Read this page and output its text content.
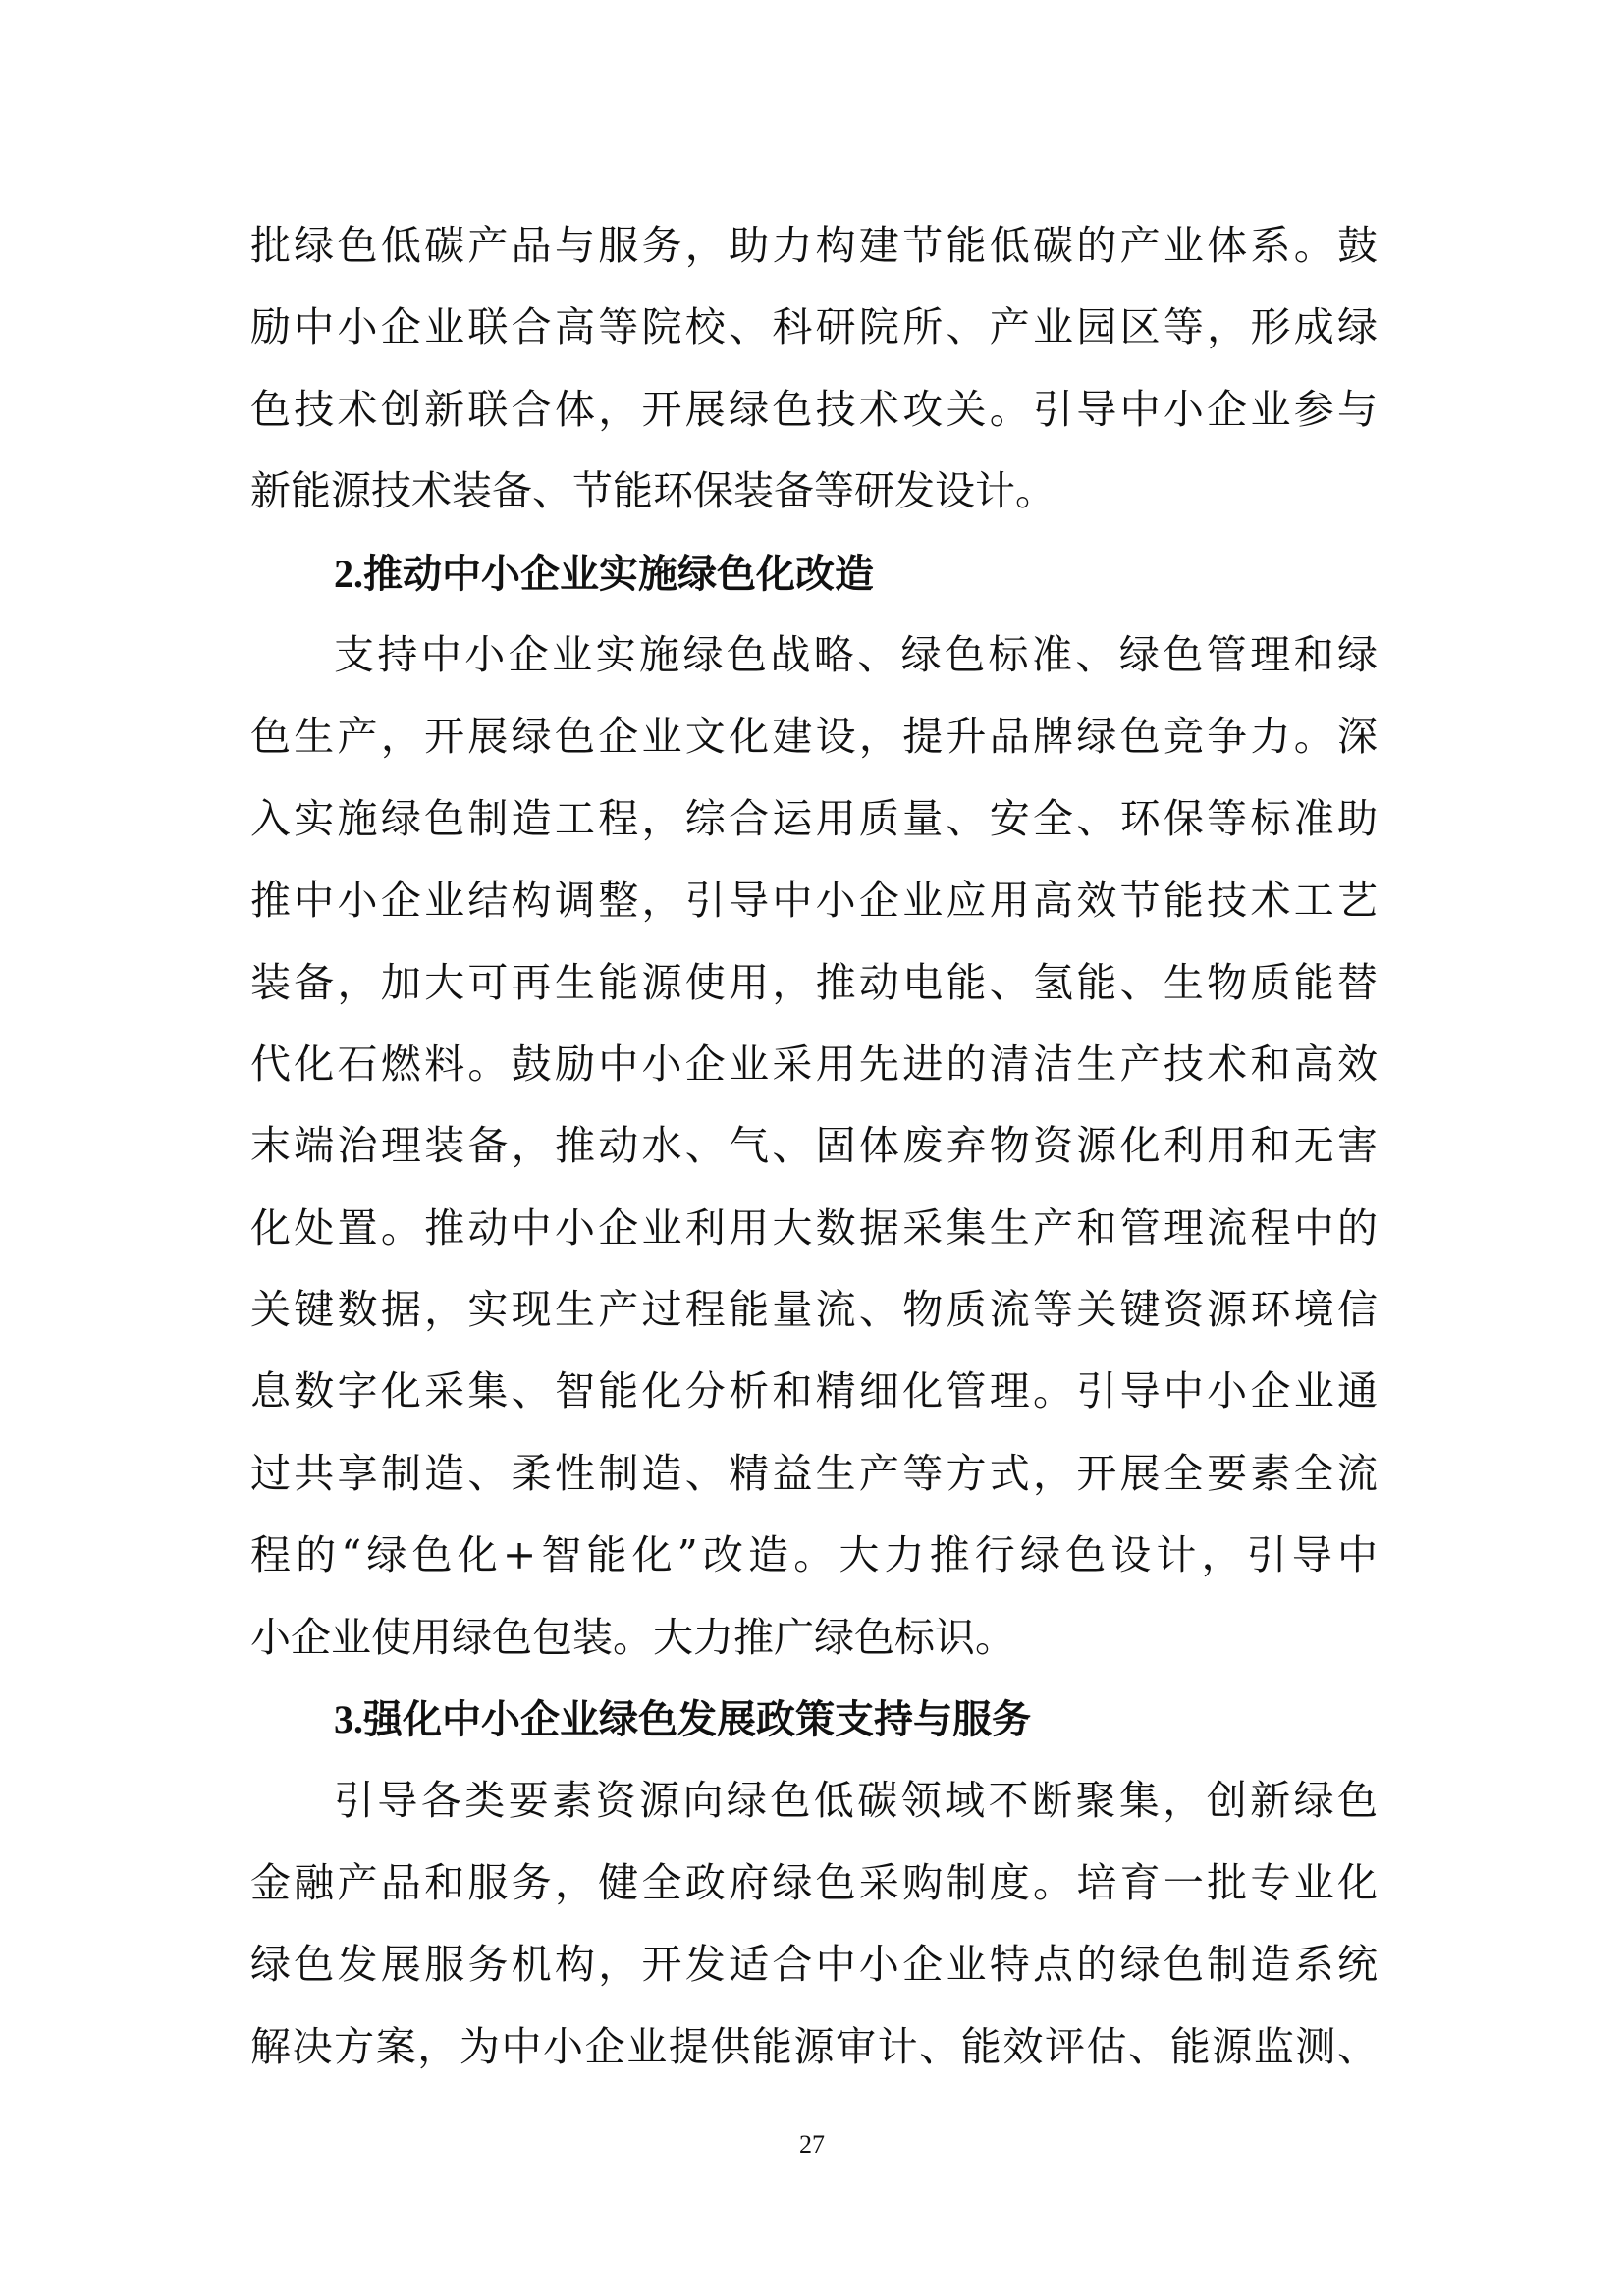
批绿色低碳产品与服务，助力构建节能低碳的产业体系。鼓
励中小企业联合高等院校、科研院所、产业园区等，形成绿
色技术创新联合体，开展绿色技术攻关。引导中小企业参与
新能源技术装备、节能环保装备等研发设计。
2.推动中小企业实施绿色化改造
支持中小企业实施绿色战略、绿色标准、绿色管理和绿
色生产，开展绿色企业文化建设，提升品牌绿色竞争力。深
入实施绿色制造工程，综合运用质量、安全、环保等标准助
推中小企业结构调整，引导中小企业应用高效节能技术工艺
装备，加大可再生能源使用，推动电能、氢能、生物质能替
代化石燃料。鼓励中小企业采用先进的清洁生产技术和高效
末端治理装备，推动水、气、固体废弃物资源化利用和无害
化处置。推动中小企业利用大数据采集生产和管理流程中的
关键数据，实现生产过程能量流、物质流等关键资源环境信
息数字化采集、智能化分析和精细化管理。引导中小企业通
过共享制造、柔性制造、精益生产等方式，开展全要素全流
程的“绿色化+智能化”改造。大力推行绿色设计，引导中
小企业使用绿色包装。大力推广绿色标识。
3.强化中小企业绿色发展政策支持与服务
引导各类要素资源向绿色低碳领域不断聚集，创新绿色
金融产品和服务，健全政府绿色采购制度。培育一批专业化
绿色发展服务机构，开发适合中小企业特点的绿色制造系统
解决方案，为中小企业提供能源审计、能效评估、能源监测、
27
